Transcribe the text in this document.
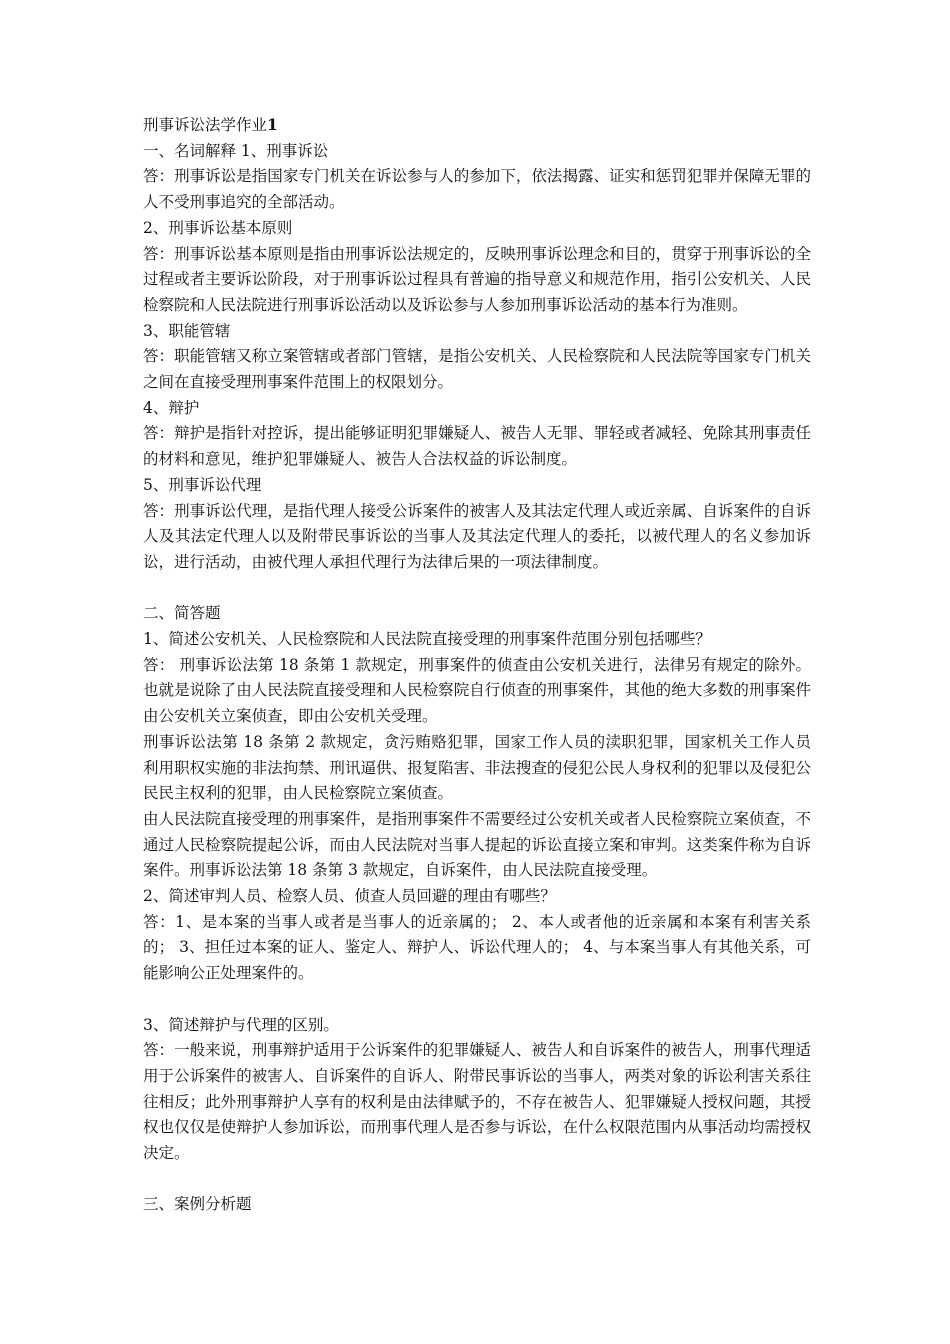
刑事诉讼法学作业1

一、名词解释 1、刑事诉讼

答：刑事诉讼是指国家专门机关在诉讼参与人的参加下，依法揭露、证实和惩罚犯罪并保障无罪的人不受刑事追究的全部活动。

2、刑事诉讼基本原则

答：刑事诉讼基本原则是指由刑事诉讼法规定的，反映刑事诉讼理念和目的，贯穿于刑事诉讼的全过程或者主要诉讼阶段，对于刑事诉讼过程具有普遍的指导意义和规范作用，指引公安机关、人民检察院和人民法院进行刑事诉讼活动以及诉讼参与人参加刑事诉讼活动的基本行为准则。

3、职能管辖

答：职能管辖又称立案管辖或者部门管辖，是指公安机关、人民检察院和人民法院等国家专门机关之间在直接受理刑事案件范围上的权限划分。

4、辩护

答：辩护是指针对控诉，提出能够证明犯罪嫌疑人、被告人无罪、罪轻或者减轻、免除其刑事责任的材料和意见，维护犯罪嫌疑人、被告人合法权益的诉讼制度。

5、刑事诉讼代理

答：刑事诉讼代理，是指代理人接受公诉案件的被害人及其法定代理人或近亲属、自诉案件的自诉人及其法定代理人以及附带民事诉讼的当事人及其法定代理人的委托，以被代理人的名义参加诉讼，进行活动，由被代理人承担代理行为法律后果的一项法律制度。

二、简答题

1、简述公安机关、人民检察院和人民法院直接受理的刑事案件范围分别包括哪些？

答： 刑事诉讼法第 18 条第 1 款规定，刑事案件的侦查由公安机关进行，法律另有规定的除外。也就是说除了由人民法院直接受理和人民检察院自行侦查的刑事案件，其他的绝大多数的刑事案件由公安机关立案侦查，即由公安机关受理。

刑事诉讼法第 18 条第 2 款规定，贪污贿赂犯罪，国家工作人员的渎职犯罪，国家机关工作人员利用职权实施的非法拘禁、刑讯逼供、报复陷害、非法搜查的侵犯公民人身权利的犯罪以及侵犯公民民主权利的犯罪，由人民检察院立案侦查。

由人民法院直接受理的刑事案件，是指刑事案件不需要经过公安机关或者人民检察院立案侦查，不通过人民检察院提起公诉，而由人民法院对当事人提起的诉讼直接立案和审判。这类案件称为自诉案件。刑事诉讼法第 18 条第 3 款规定，自诉案件，由人民法院直接受理。

2、简述审判人员、检察人员、侦查人员回避的理由有哪些？

答：1、是本案的当事人或者是当事人的近亲属的； 2、本人或者他的近亲属和本案有利害关系的； 3、担任过本案的证人、鉴定人、辩护人、诉讼代理人的； 4、与本案当事人有其他关系，可能影响公正处理案件的。

3、简述辩护与代理的区别。

答：一般来说，刑事辩护适用于公诉案件的犯罪嫌疑人、被告人和自诉案件的被告人，刑事代理适用于公诉案件的被害人、自诉案件的自诉人、附带民事诉讼的当事人，两类对象的诉讼利害关系往往相反；此外刑事辩护人享有的权利是由法律赋予的，不存在被告人、犯罪嫌疑人授权问题，其授权也仅仅是使辩护人参加诉讼，而刑事代理人是否参与诉讼，在什么权限范围内从事活动均需授权决定。

三、案例分析题
